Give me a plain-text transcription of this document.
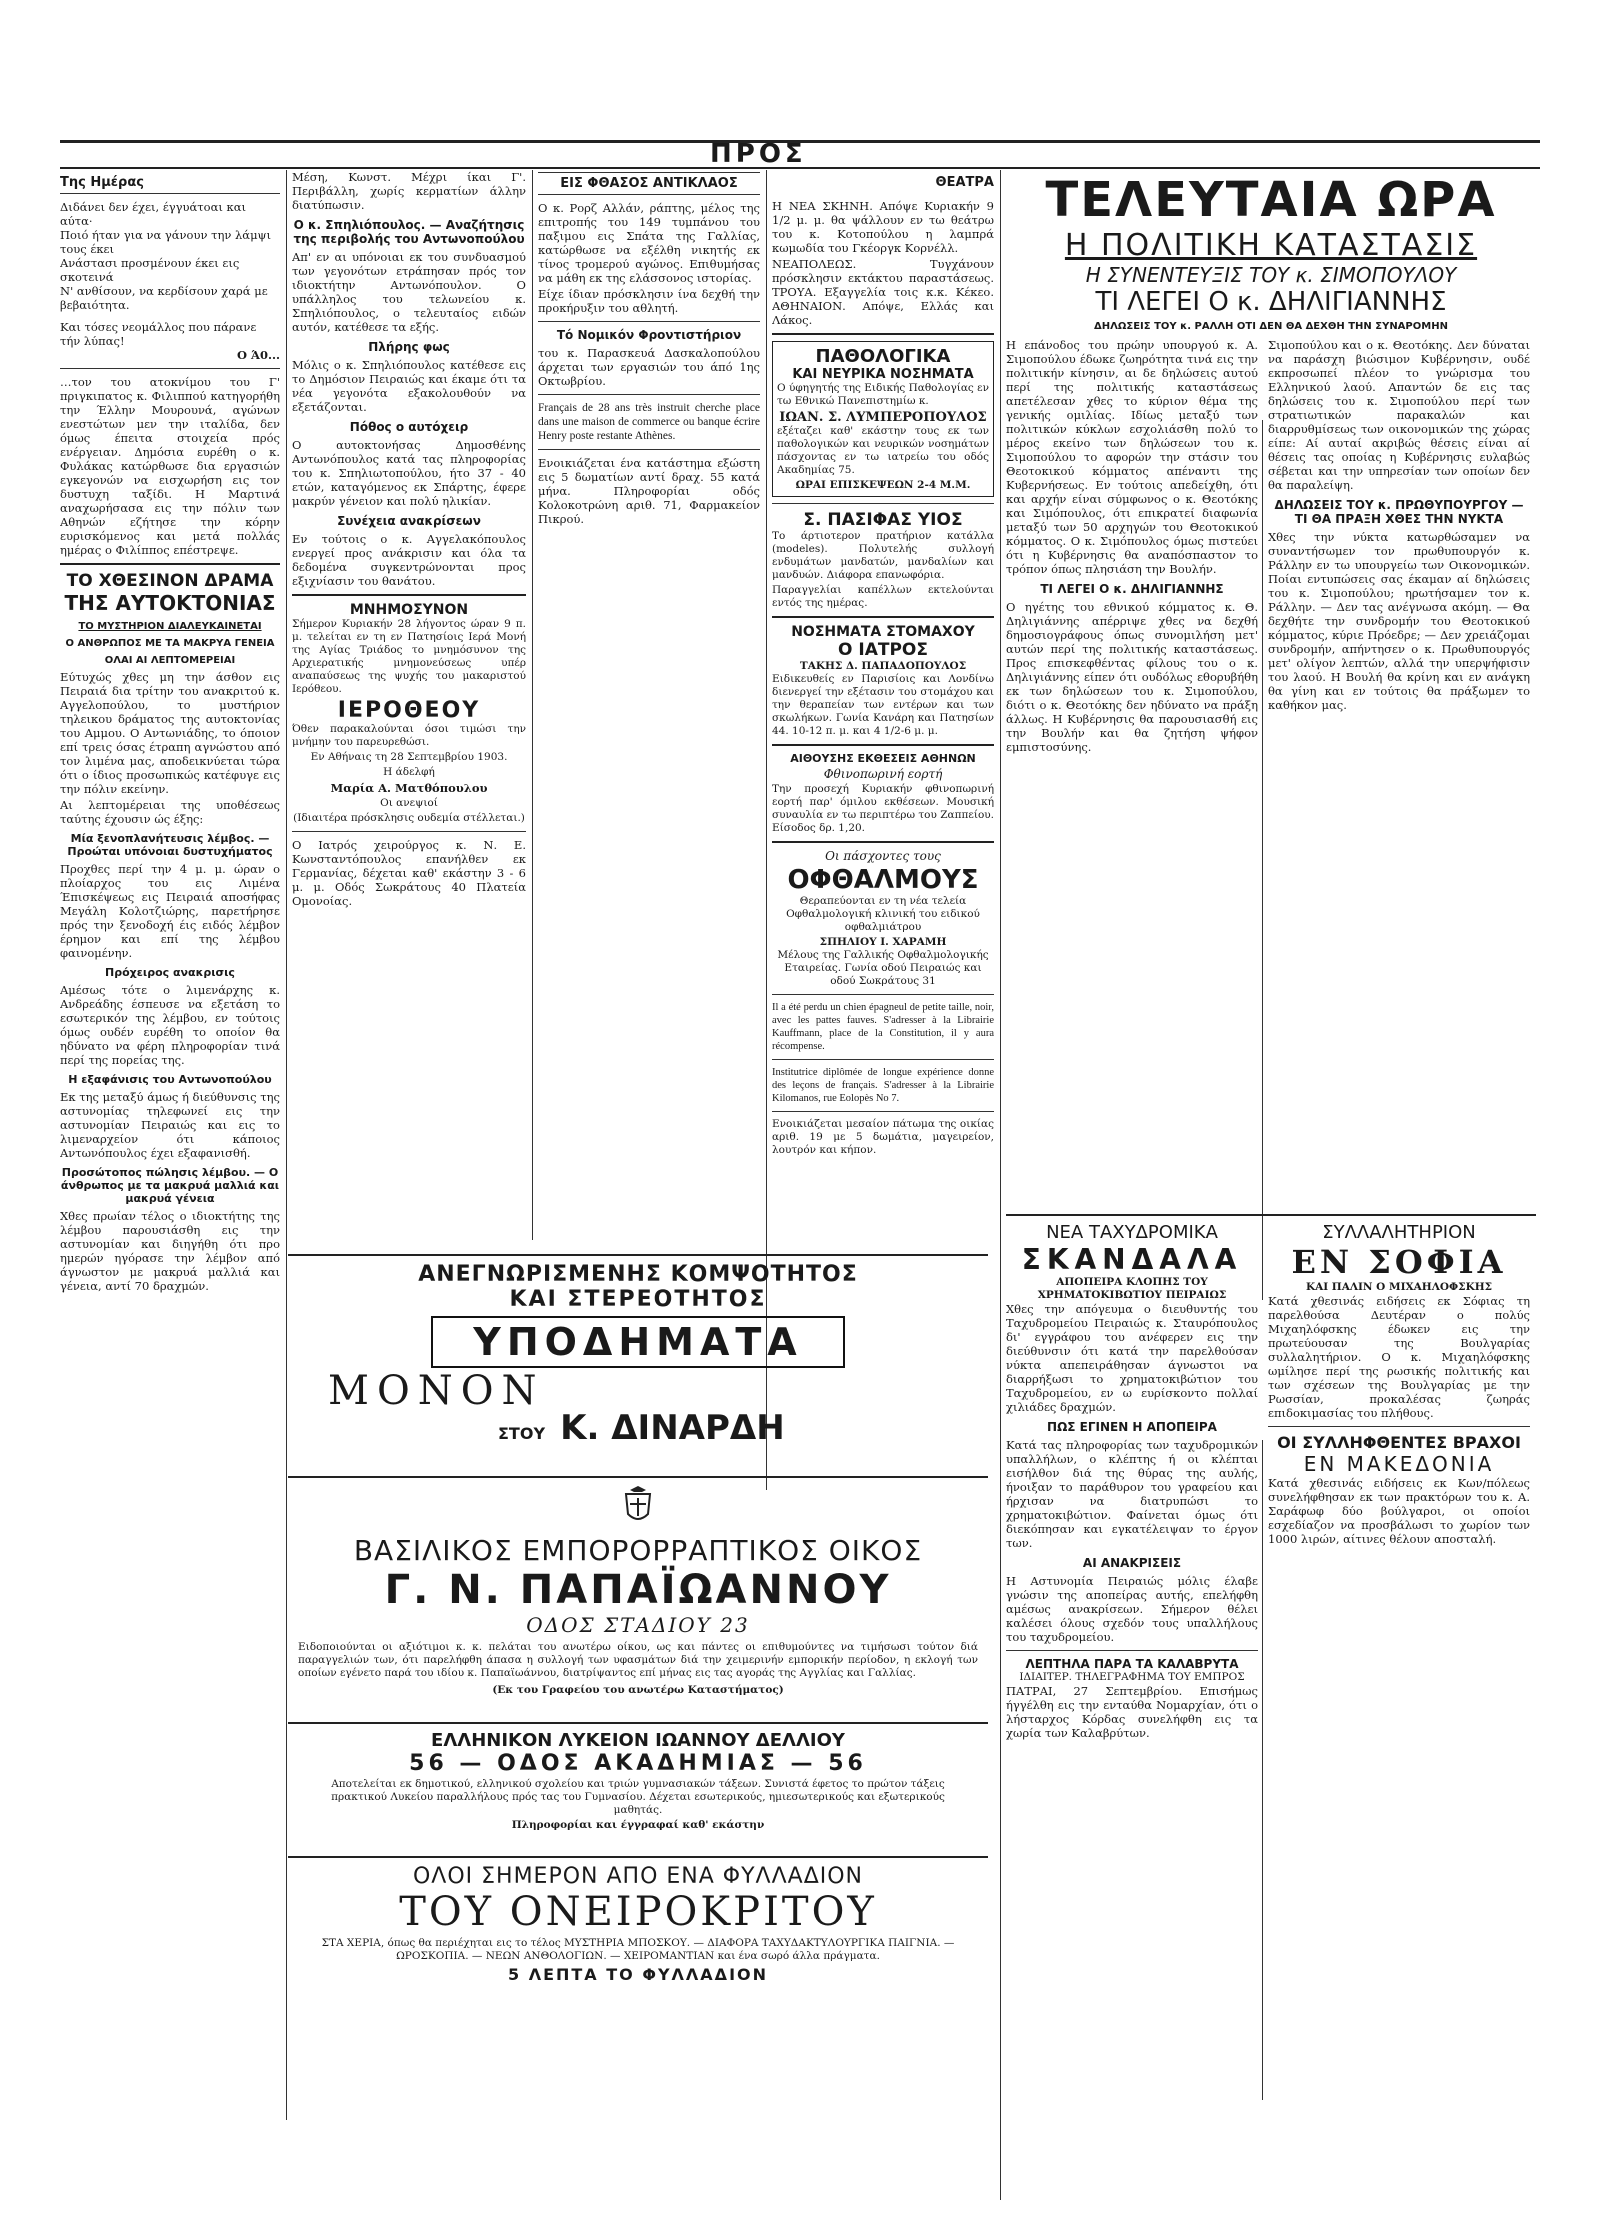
ΠΡΟΣ
Της Ημέρας

Διδάνει δεν έχει, έγγυάτοαι και αύτα·

Ποιό ήταν για να γάνουν την λάμψι τους έκει

Ανάστασι προσμένουν έκει εις σκοτεινά

Ν' ανθίσουν, να κερδίσουν χαρά με βεβαιότητα.

Και τόσες νεομάλλος που πάρανε τήν λύπας!

Ο Ά0...

…τον του ατοκνίμου του Γ' πριγκιπατος κ. Φιλιππού κατηγορήθη την Έλλην Μουρουνά, αγώνων ενεστώτων μεν την ιταλίδα, δεν όμως έπειτα στοιχεία πρός ενέργειαν. Δημόσια ευρέθη ο κ. Φυλάκας κατώρθωσε δια εργασιών εγκεγονών να εισχωρήση εις τον δυστυχη ταξίδι. Η Μαρτινά αναχωρήσασα εις την πόλιν των Αθηνών εζήτησε την κόρην ευρισκόμενος και μετά πολλάς ημέρας ο Φιλίππος επέστρεψε.

ΤΟ ΧΘΕΣΙΝΟΝ ΔΡΑΜΑ
ΤΗΣ ΑΥΤΟΚΤΟΝΙΑΣ
ΤΟ ΜΥΣΤΗΡΙΟΝ ΔΙΑΛΕΥΚΑΙΝΕΤΑΙ
Ο ΑΝΘΡΩΠΟΣ ΜΕ ΤΑ ΜΑΚΡΥΑ ΓΕΝΕΙΑ
ΟΛΑΙ ΑΙ ΛΕΠΤΟΜΕΡΕΙΑΙ

Εύτυχώς χθες μη την άσθον εις Πειραιά δια τρίτην του ανακριτού κ. Αγγελοπούλου, το μυστήριον τηλεικου δράματος της αυτοκτονίας του Αμμου. Ο Αντωνιάδης, το όποιον επί τρεις όσας έτραπη αγνώστου από τον λιμένα μας, αποδεικνύεται τώρα ότι ο ίδιος προσωπικώς κατέφυγε εις την πόλιν εκείνην.

Αι λεπτομέρειαι της υποθέσεως ταύτης έχουσιν ώς έξης:

Μία ξενοπλανήτευσις λέμβος. — Προώται υπόνοιαι δυστυχήματος

Προχθες περί την 4 μ. μ. ώραν ο πλοίαρχος του εις Λιμένα Έπισκέψεως εις Πειραιά αποσήφας Μεγάλη Κολοτζιώρης, παρετήρησε πρός την ξενοδοχή έις ειδός λέμβον έρημον και επί της λέμβου φαινομένην.

Πρόχειρος ανακρισις

Αμέσως τότε ο λιμενάρχης κ. Ανδρεάδης έσπευσε να εξετάση το εσωτερικόν της λέμβου, εν τούτοις όμως ουδέν ευρέθη το οποίον θα ηδύνατο να φέρη πληροφορίαν τινά περί της πορείας της.

Η εξαφάνισις του Αντωνοπούλου

Εκ της μεταξύ άμως ή διεύθυνσις της αστυνομίας τηλεφωνεί εις την αστυνομίαν Πειραιώς και εις το λιμεναρχείον ότι κάποιος Αντωνόπουλος έχει εξαφανισθή.

Προσώτοπος πώλησις λέμβου. — Ο άνθρωπος με τα μακρυά μαλλιά και μακρυά γένεια

Χθες πρωίαν τέλος ο ιδιοκτήτης της λέμβου παρουσιάσθη εις την αστυνομίαν και διηγήθη ότι προ ημερών ηγόρασε την λέμβον από άγνωστον με μακρυά μαλλιά και γένεια, αντί 70 δραχμών.

Μέση, Κωνστ. Μέχρι ίκαι Γ'. Περιβάλλη, χωρίς κερματίων άλλην διατύπωσιν.

Ο κ. Σπηλιόπουλος. — Αναζήτησις της περιβολής του Αντωνοπούλου

Απ' εν αι υπόνοιαι εκ του συνδυασμού των γεγονότων ετράπησαν πρός τον ιδιοκτήτην Αντωνόπουλον. Ο υπάλληλος του τελωνείου κ. Σπηλιόπουλος, ο τελευταίος ειδών αυτόν, κατέθεσε τα εξής.

Πλήρης φως

Μόλις ο κ. Σπηλιόπουλος κατέθεσε εις το Δημόσιον Πειραιώς και έκαμε ότι τα νέα γεγονότα εξακολουθούν να εξετάζονται.

Πόθος ο αυτόχειρ

Ο αυτοκτονήσας Δημοσθένης Αντωνόπουλος κατά τας πληροφορίας του κ. Σπηλιωτοπούλου, ήτο 37 - 40 ετών, καταγόμενος εκ Σπάρτης, έφερε μακρύν γένειον και πολύ ηλικίαν.

Συνέχεια ανακρίσεων

Εν τούτοις ο κ. Αγγελακόπουλος ενεργεί προς ανάκρισιν και όλα τα δεδομένα συγκεντρώνονται προς εξιχνίασιν του θανάτου.

ΜΝΗΜΟΣΥΝΟΝ

Σήμερον Κυριακήν 28 λήγοντος ώραν 9 π. μ. τελείται εν τη εν Πατησίοις Ιερά Μονή της Αγίας Τριάδος το μνημόσυνον της Αρχιερατικής μνημονεύσεως υπέρ αναπαύσεως της ψυχής του μακαριστού Ιερόθεου.

ΙΕΡΟΘΕΟΥ

Όθεν παρακαλούνται όσοι τιμώσι την μνήμην του παρευρεθώσι.

Εν Αθήναις τη 28 Σεπτεμβρίου 1903.

Η άδελφή

Μαρία Α. Ματθόπουλου

Οι ανεψιοί

(Ιδιαιτέρα πρόσκλησις ουδεμία στέλλεται.)

Ο Ιατρός χειρούργος κ. Ν. Ε. Κωνσταντόπουλος επανήλθεν εκ Γερμανίας, δέχεται καθ' εκάστην 3 - 6 μ. μ. Οδός Σωκράτους 40 Πλατεία Ομονοίας.

ΕΙΣ ΦΘΑΣΟΣ ΑΝΤΙΚΛΑΟΣ

Ο κ. Ρορζ Αλλάν, ράπτης, μέλος της επιτροπής του 149 τυμπάνου του παξιμου εις Σπάτα της Γαλλίας, κατώρθωσε να εξέλθη νικητής εκ τίνος τρομερού αγώνος. Επιθυμήσας να μάθη εκ της ελάσσονος ιστορίας.

Είχε ίδιαν πρόσκλησιν ίνα δεχθή την προκήρυξιν του αθλητή.

Τό Νομικόν Φροντιστήριον

του κ. Παρασκευά Δασκαλοπούλου άρχεται των εργασιών του άπό 1ης Οκτωβρίου.

Français de 28 ans très instruit cherche place dans une maison de commerce ou banque écrire Henry poste restante Athènes.

Ενοικιάζεται ένα κατάστημα εξώστη εις 5 δωματίων αντί δραχ. 55 κατά μήνα. Πληροφορίαι οδός Κολοκοτρώνη αριθ. 71, Φαρμακείον Πικρού.

ΘΕΑΤΡΑ

Η ΝΕΑ ΣΚΗΝΗ. Απόψε Κυριακήν 9 1/2 μ. μ. θα ψάλλουν εν τω θεάτρω του κ. Κοτοπούλου η λαμπρά κωμωδία του Γκέοργκ Κορνέλλ.

ΝΕΑΠΟΛΕΩΣ. Τυγχάνουν πρόσκλησιν εκτάκτου παραστάσεως. ΤΡΟΥΑ. Εξαγγελία τοις κ.κ. Κέκεο. ΑΘΗΝΑΙΟΝ. Απόψε, Ελλάς και Λάκος.

ΠΑΘΟΛΟΓΙΚΑ
ΚΑΙ ΝΕΥΡΙΚΑ ΝΟΣΗΜΑΤΑ

Ο ύφηγητής της Ειδικής Παθολογίας εν τω Εθνικώ Πανεπιστημίω κ.

ΙΩΑΝ. Σ. ΛΥΜΠΕΡΟΠΟΥΛΟΣ

εξέταζει καθ' εκάστην τους εκ των παθολογικών και νευρικών νοσημάτων πάσχοντας εν τω ιατρείω του οδός Ακαδημίας 75.

ΩΡΑΙ ΕΠΙΣΚΕΨΕΩΝ 2-4 Μ.Μ.
Σ. ΠΑΣΙΦΑΣ ΥΙΟΣ

Το άρτιοτερον πρατήριον κατάλλα (modeles). Πολυτελής συλλογή ενδυμάτων μανδατών, μανδαλίων και μανδυών. Διάφορα επανωφόρια.

Παραγγελίαι καπέλλων εκτελούνται εντός της ημέρας.

ΝΟΣΗΜΑΤΑ ΣΤΟΜΑΧΟΥ
Ο ΙΑΤΡΟΣ
ΤΑΚΗΣ Δ. ΠΑΠΑΔΟΠΟΥΛΟΣ

Ειδικευθείς εν Παρισίοις και Λονδίνω διενεργεί την εξέτασιν του στομάχου και την θεραπείαν των εντέρων και των σκωλήκων. Γωνία Κανάρη και Πατησίων 44. 10-12 π. μ. και 4 1/2-6 μ. μ.

ΑΙΘΟΥΣΗΣ ΕΚΘΕΣΕΙΣ ΑΘΗΝΩΝ
Φθινοπωρινή εορτή

Την προσεχή Κυριακήν φθινοπωρινή εορτή παρ' όμιλου εκθέσεων. Μουσική συναυλία εν τω περιπτέρω του Ζαππείου. Είσοδος δρ. 1,20.

Οι πάσχοντες τους
ΟΦΘΑΛΜΟΥΣ

Θεραπεύονται εν τη νέα τελεία Οφθαλμολογική κλινική του ειδικού οφθαλμιάτρου

ΣΠΗΛΙΟΥ Ι. ΧΑΡΑΜΗ

Μέλους της Γαλλικής Οφθαλμολογικής Εταιρείας. Γωνία οδού Πειραιώς και οδού Σωκράτους 31

Il a été perdu un chien épagneul de petite taille, noir, avec les pattes fauves. S'adresser à la Librairie Kauffmann, place de la Constitution, il y aura récompense.

Institutrice diplômée de longue expérience donne des leçons de français. S'adresser à la Librairie Kilomanos, rue Eolopès No 7.

Ενοικιάζεται μεσαίον πάτωμα της οικίας αριθ. 19 με 5 δωμάτια, μαγειρείον, λουτρόν και κήπον.

ΑΝΕΓΝΩΡΙΣΜΕΝΗΣ ΚΟΜΨΟΤΗΤΟΣ
ΚΑΙ ΣΤΕΡΕΟΤΗΤΟΣ
ΥΠΟΔΗΜΑΤΑ
ΜΟΝΟΝ
ΣΤΟΥ Κ. ΔΙΝΑΡΔΗ
ΒΑΣΙΛΙΚΟΣ ΕΜΠΟΡΟΡΡΑΠΤΙΚΟΣ ΟΙΚΟΣ
Γ. Ν. ΠΑΠΑΪΩΑΝΝΟΥ
ΟΔΟΣ ΣΤΑΔΙΟΥ 23

Ειδοποιούνται οι αξιότιμοι κ. κ. πελάται του ανωτέρω οίκου, ως και πάντες οι επιθυμούντες να τιμήσωσι τούτον διά παραγγελιών των, ότι παρελήφθη άπασα η συλλογή των υφασμάτων διά την χειμερινήν εμπορικήν περίοδον, η εκλογή των οποίων εγένετο παρά του ιδίου κ. Παπαϊωάννου, διατρίψαντος επί μήνας εις τας αγοράς της Αγγλίας και Γαλλίας.

(Εκ του Γραφείου του ανωτέρω Καταστήματος)
ΕΛΛΗΝΙΚΟΝ ΛΥΚΕΙΟΝ ΙΩΑΝΝΟΥ ΔΕΛΛΙΟΥ
56 — ΟΔΟΣ ΑΚΑΔΗΜΙΑΣ — 56

Αποτελείται εκ δημοτικού, ελληνικού σχολείου και τριών γυμνασιακών τάξεων. Συνιστά έφετος το πρώτον τάξεις πρακτικού Λυκείου παραλλήλους πρός τας του Γυμνασίου. Δέχεται εσωτερικούς, ημιεσωτερικούς και εξωτερικούς μαθητάς.

Πληροφορίαι και έγγραφαί καθ' εκάστην
ΟΛΟΙ ΣΗΜΕΡΟΝ ΑΠΟ ΕΝΑ ΦΥΛΛΑΔΙΟΝ
ΤΟΥ ΟΝΕΙΡΟΚΡΙΤΟΥ

ΣΤΑ ΧΕΡΙΑ, όπως θα περιέχηται εις το τέλος ΜΥΣΤΗΡΙΑ ΜΠΟΣΚΟΥ. — ΔΙΑΦΟΡΑ ΤΑΧΥΔΑΚΤΥΛΟΥΡΓΙΚΑ ΠΑΙΓΝΙΑ. — ΩΡΟΣΚΟΠΙΑ. — ΝΕΩΝ ΑΝΘΟΛΟΓΙΩΝ. — ΧΕΙΡΟΜΑΝΤΙΑΝ και ένα σωρό άλλα πράγματα.

5 ΛΕΠΤΑ ΤΟ ΦΥΛΛΑΔΙΟΝ
ΤΕΛΕΥΤΑΙΑ ΩΡΑ
Η ΠΟΛΙΤΙΚΗ ΚΑΤΑΣΤΑΣΙΣ
Η ΣΥΝΕΝΤΕΥΞΙΣ ΤΟΥ κ. ΣΙΜΟΠΟΥΛΟΥ
ΤΙ ΛΕΓΕΙ Ο κ. ΔΗΛΙΓΙΑΝΝΗΣ
ΔΗΛΩΣΕΙΣ ΤΟΥ κ. ΡΑΛΛΗ ΟΤΙ ΔΕΝ ΘΑ ΔΕΧΘΗ ΤΗΝ ΣΥΝΑΡΟΜΗΝ

Η επάνοδος του πρώην υπουργού κ. Α. Σιμοπούλου έδωκε ζωηρότητα τινά εις την πολιτικήν κίνησιν, αι δε δηλώσεις αυτού περί της πολιτικής καταστάσεως απετέλεσαν χθες το κύριον θέμα της γενικής ομιλίας. Ιδίως μεταξύ των πολιτικών κύκλων εσχολιάσθη πολύ το μέρος εκείνο των δηλώσεων του κ. Σιμοπούλου το αφορών την στάσιν του Θεοτοκικού κόμματος απέναντι της Κυβερνήσεως. Εν τούτοις απεδείχθη, ότι και αρχήν είναι σύμφωνος ο κ. Θεοτόκης και Σιμόπουλος, ότι επικρατεί διαφωνία μεταξύ των 50 αρχηγών του Θεοτοκικού κόμματος. Ο κ. Σιμόπουλος όμως πιστεύει ότι η Κυβέρνησις θα αναπόσπαστον το τρόπον όπως πλησιάση την Βουλήν.

ΤΙ ΛΕΓΕΙ Ο κ. ΔΗΛΙΓΙΑΝΝΗΣ

Ο ηγέτης του εθνικού κόμματος κ. Θ. Δηλιγιάννης απέρριψε χθες να δεχθή δημοσιογράφους όπως συνομιλήση μετ' αυτών περί της πολιτικής καταστάσεως. Προς επισκεφθέντας φίλους του ο κ. Δηλιγιάννης είπεν ότι ουδόλως εθορυβήθη εκ των δηλώσεων του κ. Σιμοπούλου, διότι ο κ. Θεοτόκης δεν ηδύνατο να πράξη άλλως. Η Κυβέρνησις θα παρουσιασθή εις την Βουλήν και θα ζητήση ψήφον εμπιστοσύνης.

Σιμοπούλου και ο κ. Θεοτόκης. Δεν δύναται να παράσχη βιώσιμον Κυβέρνησιν, ουδέ εκπροσωπεί πλέον το γνώρισμα του Ελληνικού λαού. Απαντών δε εις τας δηλώσεις του κ. Σιμοπούλου περί των στρατιωτικών παρακαλών και διαρρυθμίσεως των οικονομικών της χώρας είπε: Αί αυταί ακριβώς θέσεις είναι αί θέσεις τας οποίας η Κυβέρνησις ευλαβώς σέβεται και την υπηρεσίαν των οποίων δεν θα παραλείψη.

ΔΗΛΩΣΕΙΣ ΤΟΥ κ. ΠΡΩΘΥΠΟΥΡΓΟΥ — ΤΙ ΘΑ ΠΡΑΞΗ ΧΘΕΣ ΤΗΝ ΝΥΚΤΑ

Χθες την νύκτα κατωρθώσαμεν να συναντήσωμεν τον πρωθυπουργόν κ. Ράλλην εν τω υπουργείω των Οικονομικών. Ποίαι εντυπώσεις σας έκαμαν αί δηλώσεις του κ. Σιμοπούλου; ηρωτήσαμεν τον κ. Ράλλην. — Δεν τας ανέγνωσα ακόμη. — Θα δεχθήτε την συνδρομήν του Θεοτοκικού κόμματος, κύριε Πρόεδρε; — Δεν χρειάζομαι συνδρομήν, απήντησεν ο κ. Πρωθυπουργός μετ' ολίγον λεπτών, αλλά την υπερψήφισιν του λαού. Η Βουλή θα κρίνη και εν ανάγκη θα γίνη και εν τούτοις θα πράξωμεν το καθήκον μας.

ΝΕΑ ΤΑΧΥΔΡΟΜΙΚΑ
ΣΚΑΝΔΑΛΑ
ΑΠΟΠΕΙΡΑ ΚΛΟΠΗΣ ΤΟΥ ΧΡΗΜΑΤΟΚΙΒΩΤΙΟΥ ΠΕΙΡΑΙΩΣ

Χθες την απόγευμα ο διευθυντής του Ταχυδρομείου Πειραιώς κ. Σταυρόπουλος δι' εγγράφου του ανέφερεν εις την διεύθυνσιν ότι κατά την παρελθούσαν νύκτα απεπειράθησαν άγνωστοι να διαρρήξωσι το χρηματοκιβώτιον του Ταχυδρομείου, εν ω ευρίσκοντο πολλαί χιλιάδες δραχμών.

ΠΩΣ ΕΓΙΝΕΝ Η ΑΠΟΠΕΙΡΑ

Κατά τας πληροφορίας των ταχυδρομικών υπαλλήλων, ο κλέπτης ή οι κλέπται εισήλθον διά της θύρας της αυλής, ήνοιξαν το παράθυρον του γραφείου και ήρχισαν να διατρυπώσι το χρηματοκιβώτιον. Φαίνεται όμως ότι διεκόπησαν και εγκατέλειψαν το έργον των.

ΑΙ ΑΝΑΚΡΙΣΕΙΣ

Η Αστυνομία Πειραιώς μόλις έλαβε γνώσιν της αποπείρας αυτής, επελήφθη αμέσως ανακρίσεων. Σήμερον θέλει καλέσει όλους σχεδόν τους υπαλλήλους του ταχυδρομείου.

ΛΕΠΤΗΛΑ ΠΑΡΑ ΤΑ ΚΑΛΑΒΡΥΤΑ
ΙΔΙΑΙΤΕΡ. ΤΗΛΕΓΡΑΦΗΜΑ ΤΟΥ ΕΜΠΡΟΣ

ΠΑΤΡΑΙ, 27 Σεπτεμβρίου. Επισήμως ήγγέλθη εις την ενταύθα Νομαρχίαν, ότι ο λήσταρχος Κόρδας συνελήφθη εις τα χωρία των Καλαβρύτων.

ΣΥΛΛΑΛΗΤΗΡΙΟΝ
ΕΝ ΣΟΦΙΑ
ΚΑΙ ΠΑΛΙΝ Ο ΜΙΧΑΗΛΟΦΣΚΗΣ

Κατά χθεσινάς ειδήσεις εκ Σόφιας τη παρελθούσα Δευτέραν ο πολύς Μιχαηλόφσκης έδωκεν εις την πρωτεύουσαν της Βουλγαρίας συλλαλητήριον. Ο κ. Μιχαηλόφσκης ωμίλησε περί της ρωσικής πολιτικής και των σχέσεων της Βουλγαρίας με την Ρωσσίαν, προκαλέσας ζωηράς επιδοκιμασίας του πλήθους.

ΟΙ ΣΥΛΛΗΦΘΕΝΤΕΣ ΒΡΑΧΟΙ
ΕΝ ΜΑΚΕΔΟΝΙΑ

Κατά χθεσινάς ειδήσεις εκ Κων/πόλεως συνελήφθησαν εκ των πρακτόρων του κ. Α. Σαράφωφ δύο βούλγαροι, οι οποίοι εσχεδίαζον να προσβάλωσι το χωρίον των 1000 λιρών, αίτινες θέλουν αποσταλή.
